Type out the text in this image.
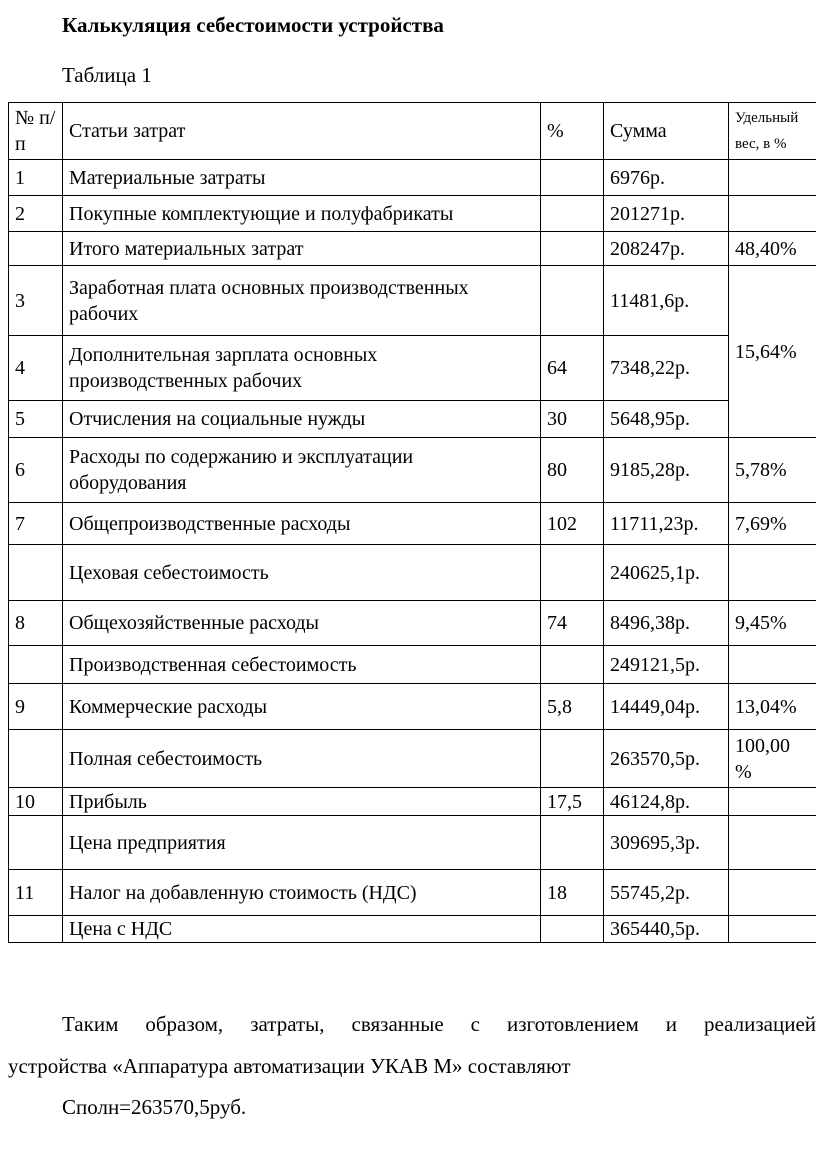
Калькуляция себестоимости устройства
Таблица 1
№ п/п	Статьи затрат	%	Сумма	Удельный вес, в %
1	Материальные затраты		6976р.	
2	Покупные комплектующие и полуфабрикаты		201271р.	
	Итого материальных затрат		208247р.	48,40%
3	Заработная плата основных производственных рабочих		11481,6р.	15,64%
4	Дополнительная зарплата основных производственных рабочих	64	7348,22р.	
5	Отчисления на социальные нужды	30	5648,95р.	
6	Расходы по содержанию и эксплуатации оборудования	80	9185,28р.	5,78%
7	Общепроизводственные расходы	102	11711,23р.	7,69%
	Цеховая себестоимость		240625,1р.	
8	Общехозяйственные расходы	74	8496,38р.	9,45%
	Производственная себестоимость		249121,5р.	
9	Коммерческие расходы	5,8	14449,04р.	13,04%
	Полная себестоимость		263570,5р.	100,00 %
10	Прибыль	17,5	46124,8р.	
	Цена предприятия		309695,3р.	
11	Налог на добавленную стоимость (НДС)	18	55745,2р.	
	Цена с НДС		365440,5р.	
Таким образом, затраты, связанные с изготовлением и реализацией
устройства «Аппаратура автоматизации УКАВ М» составляют
Сполн=263570,5руб.
